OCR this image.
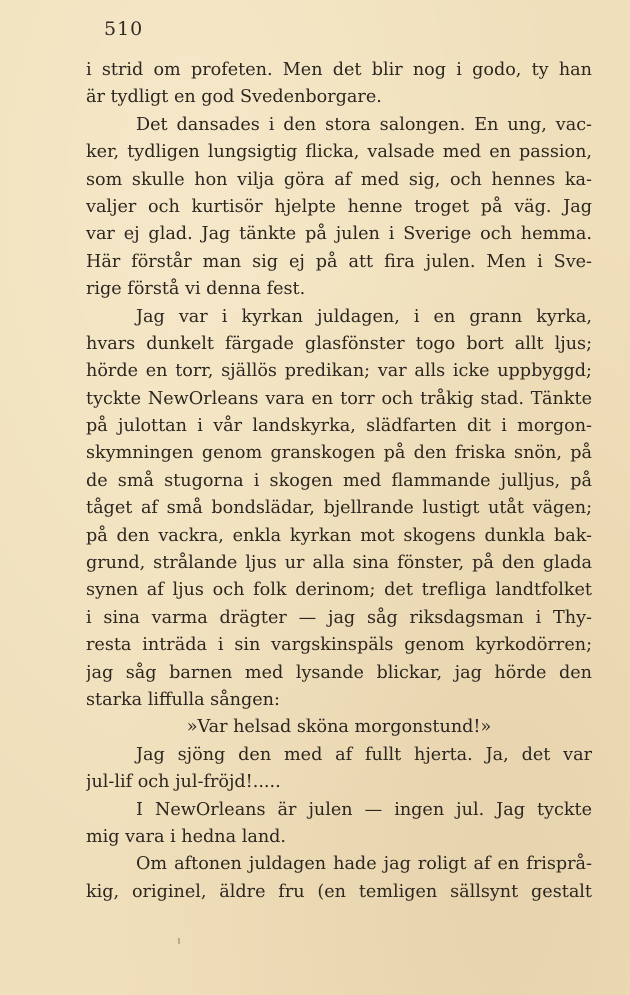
510
i strid om profeten. Men det blir nog i godo, ty han
är tydligt en god Svedenborgare.
Det dansades i den stora salongen. En ung, vac-
ker, tydligen lungsigtig flicka, valsade med en passion,
som skulle hon vilja göra af med sig, och hennes ka-
valjer och kurtisör hjelpte henne troget på väg. Jag
var ej glad. Jag tänkte på julen i Sverige och hemma.
Här förstår man sig ej på att fira julen. Men i Sve-
rige förstå vi denna fest.
Jag var i kyrkan juldagen, i en grann kyrka,
hvars dunkelt färgade glasfönster togo bort allt ljus;
hörde en torr, själlös predikan; var alls icke uppbyggd;
tyckte NewOrleans vara en torr och tråkig stad. Tänkte
på julottan i vår landskyrka, slädfarten dit i morgon-
skymningen genom granskogen på den friska snön, på
de små stugorna i skogen med flammande julljus, på
tåget af små bondslädar, bjellrande lustigt utåt vägen;
på den vackra, enkla kyrkan mot skogens dunkla bak-
grund, strålande ljus ur alla sina fönster, på den glada
synen af ljus och folk derinom; det trefliga landtfolket
i sina varma drägter — jag såg riksdagsman i Thy-
resta inträda i sin vargskinspäls genom kyrkodörren;
jag såg barnen med lysande blickar, jag hörde den
starka liffulla sången:
»Var helsad sköna morgonstund!»
Jag sjöng den med af fullt hjerta. Ja, det var
jul-lif och jul-fröjd!.....
I NewOrleans är julen — ingen jul. Jag tyckte
mig vara i hedna land.
Om aftonen juldagen hade jag roligt af en frisprå-
kig, originel, äldre fru (en temligen sällsynt gestalt
